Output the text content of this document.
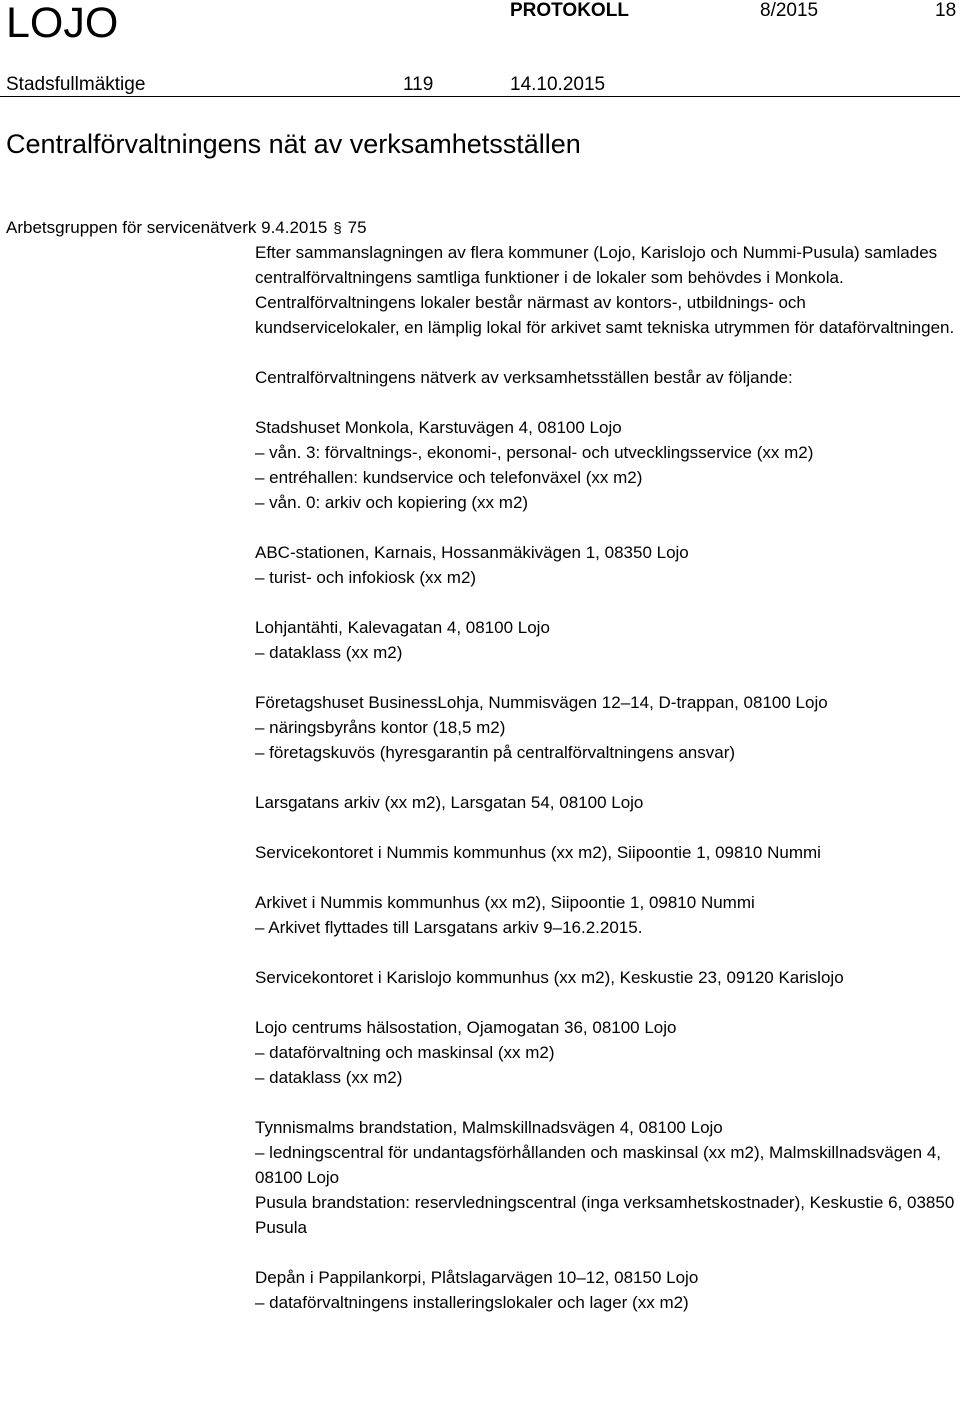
LOJO	PROTOKOLL	8/2015	18
Stadsfullmäktige	119	14.10.2015
Centralförvaltningens nät av verksamhetsställen
Arbetsgruppen för servicenätverk 9.4.2015 § 75

Efter sammanslagningen av flera kommuner (Lojo, Karislojo och Nummi-Pusula) samlades centralförvaltningens samtliga funktioner i de lokaler som behövdes i Monkola. Centralförvaltningens lokaler består närmast av kontors-, utbildnings- och kundservicelokaler, en lämplig lokal för arkivet samt tekniska utrymmen för dataförvaltningen.

Centralförvaltningens nätverk av verksamhetsställen består av följande:

Stadshuset Monkola, Karstuvägen 4, 08100 Lojo
– vån. 3: förvaltnings-, ekonomi-, personal- och utvecklingsservice (xx m2)
– entréhallen: kundservice och telefonväxel (xx m2)
– vån. 0: arkiv och kopiering (xx m2)

ABC-stationen, Karnais, Hossanmäkivägen 1, 08350 Lojo
– turist- och infokiosk (xx m2)

Lohjantähti, Kalevagatan 4, 08100 Lojo
– dataklass (xx m2)

Företagshuset BusinessLohja, Nummisvägen 12–14, D-trappan, 08100 Lojo
– näringsbyråns kontor (18,5 m2)
– företagskuvös (hyresgarantin på centralförvaltningens ansvar)

Larsgatans arkiv (xx m2), Larsgatan 54, 08100 Lojo

Servicekontoret i Nummis kommunhus (xx m2), Siipoontie 1, 09810 Nummi

Arkivet i Nummis kommunhus (xx m2), Siipoontie 1, 09810 Nummi
– Arkivet flyttades till Larsgatans arkiv 9–16.2.2015.

Servicekontoret i Karislojo kommunhus (xx m2), Keskustie 23, 09120 Karislojo

Lojo centrums hälsostation, Ojamogatan 36, 08100 Lojo
– dataförvaltning och maskinsal (xx m2)
– dataklass (xx m2)

Tynnismalms brandstation, Malmskillnadsvägen 4, 08100 Lojo
– ledningscentral för undantagsförhållanden och maskinsal (xx m2), Malmskillnadsvägen 4, 08100 Lojo
Pusula brandstation: reservledningscentral (inga verksamhetskostnader), Keskustie 6, 03850 Pusula

Depån i Pappilankorpi, Plåtslagarvägen 10–12, 08150 Lojo
– dataförvaltningens installeringslokaler och lager (xx m2)
